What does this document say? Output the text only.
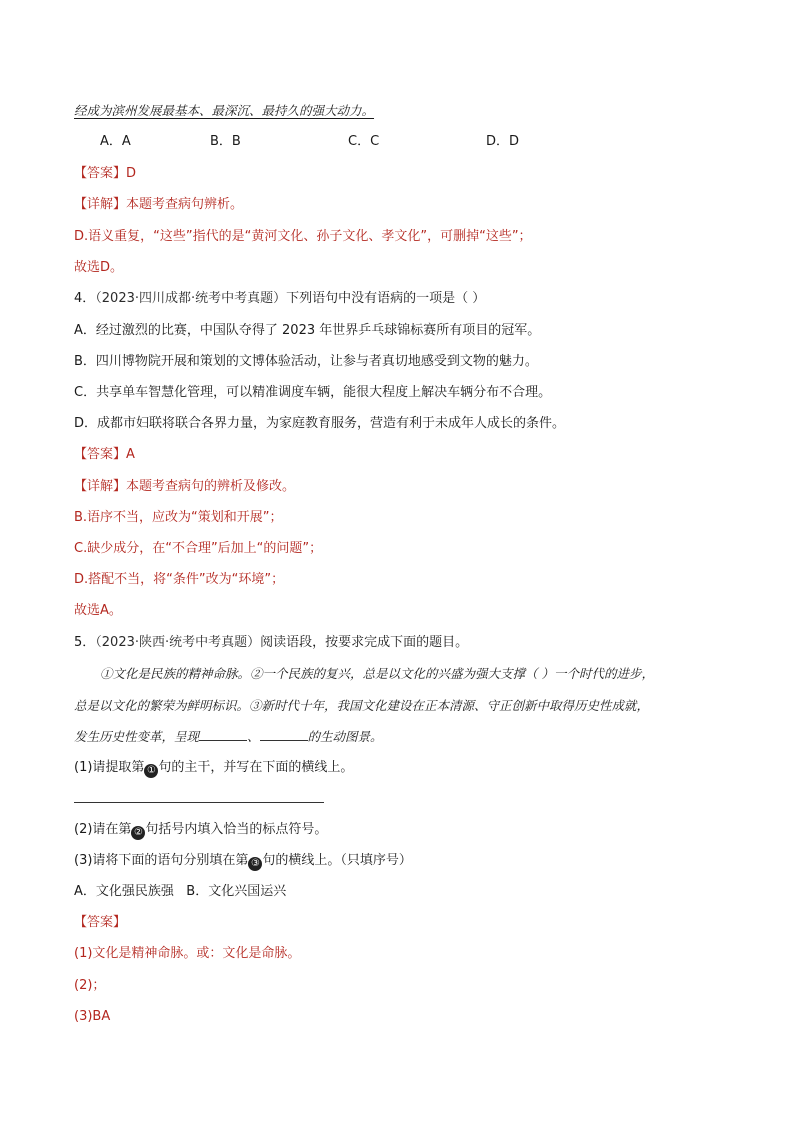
经成为滨州发展最基本、最深沉、最持久的强大动力。
A．A	B．B	C．C	D．D
【答案】D
【详解】本题考查病句辨析。
D.语义重复，“这些”指代的是“黄河文化、孙子文化、孝文化”，可删掉“这些”；
故选D。
4．（2023·四川成都·统考中考真题）下列语句中没有语病的一项是（ ）
A．经过激烈的比赛，中国队夺得了 2023 年世界乒乓球锦标赛所有项目的冠军。
B．四川博物院开展和策划的文博体验活动，让参与者真切地感受到文物的魅力。
C．共享单车智慧化管理，可以精准调度车辆，能很大程度上解决车辆分布不合理。
D．成都市妇联将联合各界力量，为家庭教育服务，营造有利于未成年人成长的条件。
【答案】A
【详解】本题考查病句的辨析及修改。
B.语序不当，应改为“策划和开展”；
C.缺少成分，在“不合理”后加上“的问题”；
D.搭配不当，将“条件”改为“环境”；
故选A。
5．（2023·陕西·统考中考真题）阅读语段，按要求完成下面的题目。
①文化是民族的精神命脉。②一个民族的复兴，总是以文化的兴盛为强大支撑（ ）一个时代的进步，
总是以文化的繁荣为鲜明标识。③新时代十年，我国文化建设在正本清源、守正创新中取得历史性成就，
发生历史性变革，呈现	、	的生动图景。
(1)请提取第 ① 句的主干，并写在下面的横线上。
(2)请在第 ② 句括号内填入恰当的标点符号。
(3)请将下面的语句分别填在第 ③ 句的横线上。（只填序号）
A．文化强民族强   B．文化兴国运兴
【答案】
(1)文化是精神命脉。或：文化是命脉。
(2)；
(3)BA
